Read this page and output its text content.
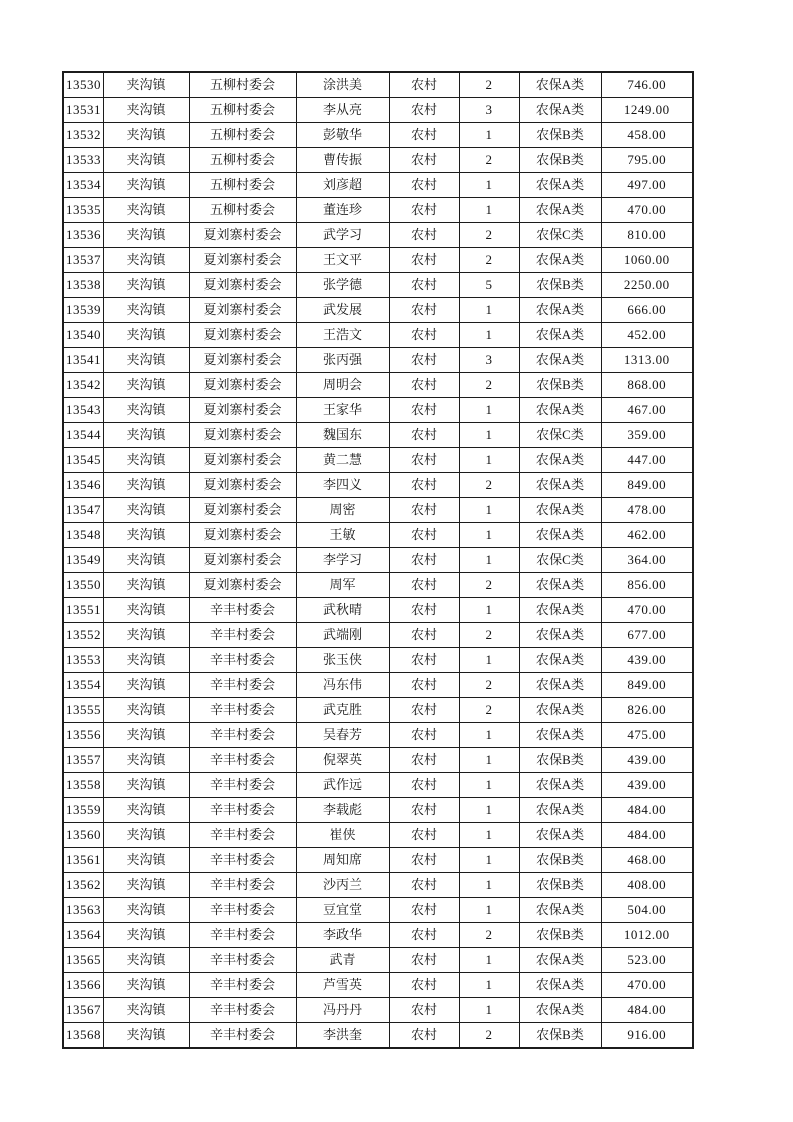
13530	夹沟镇	五柳村委会	涂洪美	农村	2	农保A类	746.00
13531	夹沟镇	五柳村委会	李从亮	农村	3	农保A类	1249.00
13532	夹沟镇	五柳村委会	彭敬华	农村	1	农保B类	458.00
13533	夹沟镇	五柳村委会	曹传振	农村	2	农保B类	795.00
13534	夹沟镇	五柳村委会	刘彦超	农村	1	农保A类	497.00
13535	夹沟镇	五柳村委会	董连珍	农村	1	农保A类	470.00
13536	夹沟镇	夏刘寨村委会	武学习	农村	2	农保C类	810.00
13537	夹沟镇	夏刘寨村委会	王文平	农村	2	农保A类	1060.00
13538	夹沟镇	夏刘寨村委会	张学德	农村	5	农保B类	2250.00
13539	夹沟镇	夏刘寨村委会	武发展	农村	1	农保A类	666.00
13540	夹沟镇	夏刘寨村委会	王浩文	农村	1	农保A类	452.00
13541	夹沟镇	夏刘寨村委会	张丙强	农村	3	农保A类	1313.00
13542	夹沟镇	夏刘寨村委会	周明会	农村	2	农保B类	868.00
13543	夹沟镇	夏刘寨村委会	王家华	农村	1	农保A类	467.00
13544	夹沟镇	夏刘寨村委会	魏国东	农村	1	农保C类	359.00
13545	夹沟镇	夏刘寨村委会	黄二慧	农村	1	农保A类	447.00
13546	夹沟镇	夏刘寨村委会	李四义	农村	2	农保A类	849.00
13547	夹沟镇	夏刘寨村委会	周密	农村	1	农保A类	478.00
13548	夹沟镇	夏刘寨村委会	王敏	农村	1	农保A类	462.00
13549	夹沟镇	夏刘寨村委会	李学习	农村	1	农保C类	364.00
13550	夹沟镇	夏刘寨村委会	周军	农村	2	农保A类	856.00
13551	夹沟镇	辛丰村委会	武秋晴	农村	1	农保A类	470.00
13552	夹沟镇	辛丰村委会	武端刚	农村	2	农保A类	677.00
13553	夹沟镇	辛丰村委会	张玉侠	农村	1	农保A类	439.00
13554	夹沟镇	辛丰村委会	冯东伟	农村	2	农保A类	849.00
13555	夹沟镇	辛丰村委会	武克胜	农村	2	农保A类	826.00
13556	夹沟镇	辛丰村委会	吴春芳	农村	1	农保A类	475.00
13557	夹沟镇	辛丰村委会	倪翠英	农村	1	农保B类	439.00
13558	夹沟镇	辛丰村委会	武作远	农村	1	农保A类	439.00
13559	夹沟镇	辛丰村委会	李载彪	农村	1	农保A类	484.00
13560	夹沟镇	辛丰村委会	崔侠	农村	1	农保A类	484.00
13561	夹沟镇	辛丰村委会	周知席	农村	1	农保B类	468.00
13562	夹沟镇	辛丰村委会	沙丙兰	农村	1	农保B类	408.00
13563	夹沟镇	辛丰村委会	豆宜堂	农村	1	农保A类	504.00
13564	夹沟镇	辛丰村委会	李政华	农村	2	农保B类	1012.00
13565	夹沟镇	辛丰村委会	武青	农村	1	农保A类	523.00
13566	夹沟镇	辛丰村委会	芦雪英	农村	1	农保A类	470.00
13567	夹沟镇	辛丰村委会	冯丹丹	农村	1	农保A类	484.00
13568	夹沟镇	辛丰村委会	李洪奎	农村	2	农保B类	916.00
